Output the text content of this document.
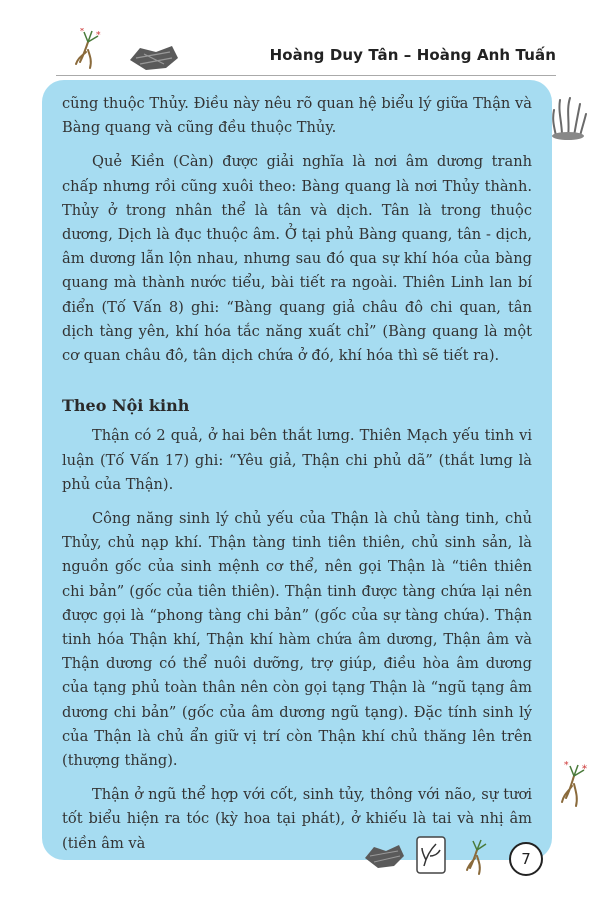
Hoàng Duy Tân – Hoàng Anh Tuấn
*
*
*
*

cũng thuộc Thủy. Điều này nêu rõ quan hệ biểu lý giữa Thận và Bàng quang và cũng đều thuộc Thủy.

Quẻ Kiền (Càn) được giải nghĩa là nơi âm dương tranh chấp nhưng rồi cũng xuôi theo: Bàng quang là nơi Thủy thành. Thủy ở trong nhân thể là tân và dịch. Tân là trong thuộc dương, Dịch là đục thuộc âm. Ở tại phủ Bàng quang, tân - dịch, âm dương lẫn lộn nhau, nhưng sau đó qua sự khí hóa của bàng quang mà thành nước tiểu, bài tiết ra ngoài. Thiên Linh lan bí điển (Tố Vấn 8) ghi: “Bàng quang giả châu đô chi quan, tân dịch tàng yên, khí hóa tắc năng xuất chỉ” (Bàng quang là một cơ quan châu đô, tân dịch chứa ở đó, khí hóa thì sẽ tiết ra).

Theo Nội kinh

Thận có 2 quả, ở hai bên thắt lưng. Thiên Mạch yếu tinh vi luận (Tố Vấn 17) ghi: “Yêu giả, Thận chi phủ dã” (thắt lưng là phủ của Thận).

Công năng sinh lý chủ yếu của Thận là chủ tàng tinh, chủ Thủy, chủ nạp khí. Thận tàng tinh tiên thiên, chủ sinh sản, là nguồn gốc của sinh mệnh cơ thể, nên gọi Thận là “tiên thiên chi bản” (gốc của tiên thiên). Thận tinh được tàng chứa lại nên được gọi là “phong tàng chi bản” (gốc của sự tàng chứa). Thận tinh hóa Thận khí, Thận khí hàm chứa âm dương, Thận âm và Thận dương có thể nuôi dưỡng, trợ giúp, điều hòa âm dương của tạng phủ toàn thân nên còn gọi tạng Thận là “ngũ tạng âm dương chi bản” (gốc của âm dương ngũ tạng). Đặc tính sinh lý của Thận là chủ ẩn giữ vị trí còn Thận khí chủ thăng lên trên (thượng thăng).

Thận ở ngũ thể hợp với cốt, sinh tủy, thông với não, sự tươi tốt biểu hiện ra tóc (kỳ hoa tại phát), ở khiếu là tai và nhị âm (tiền âm và

7
